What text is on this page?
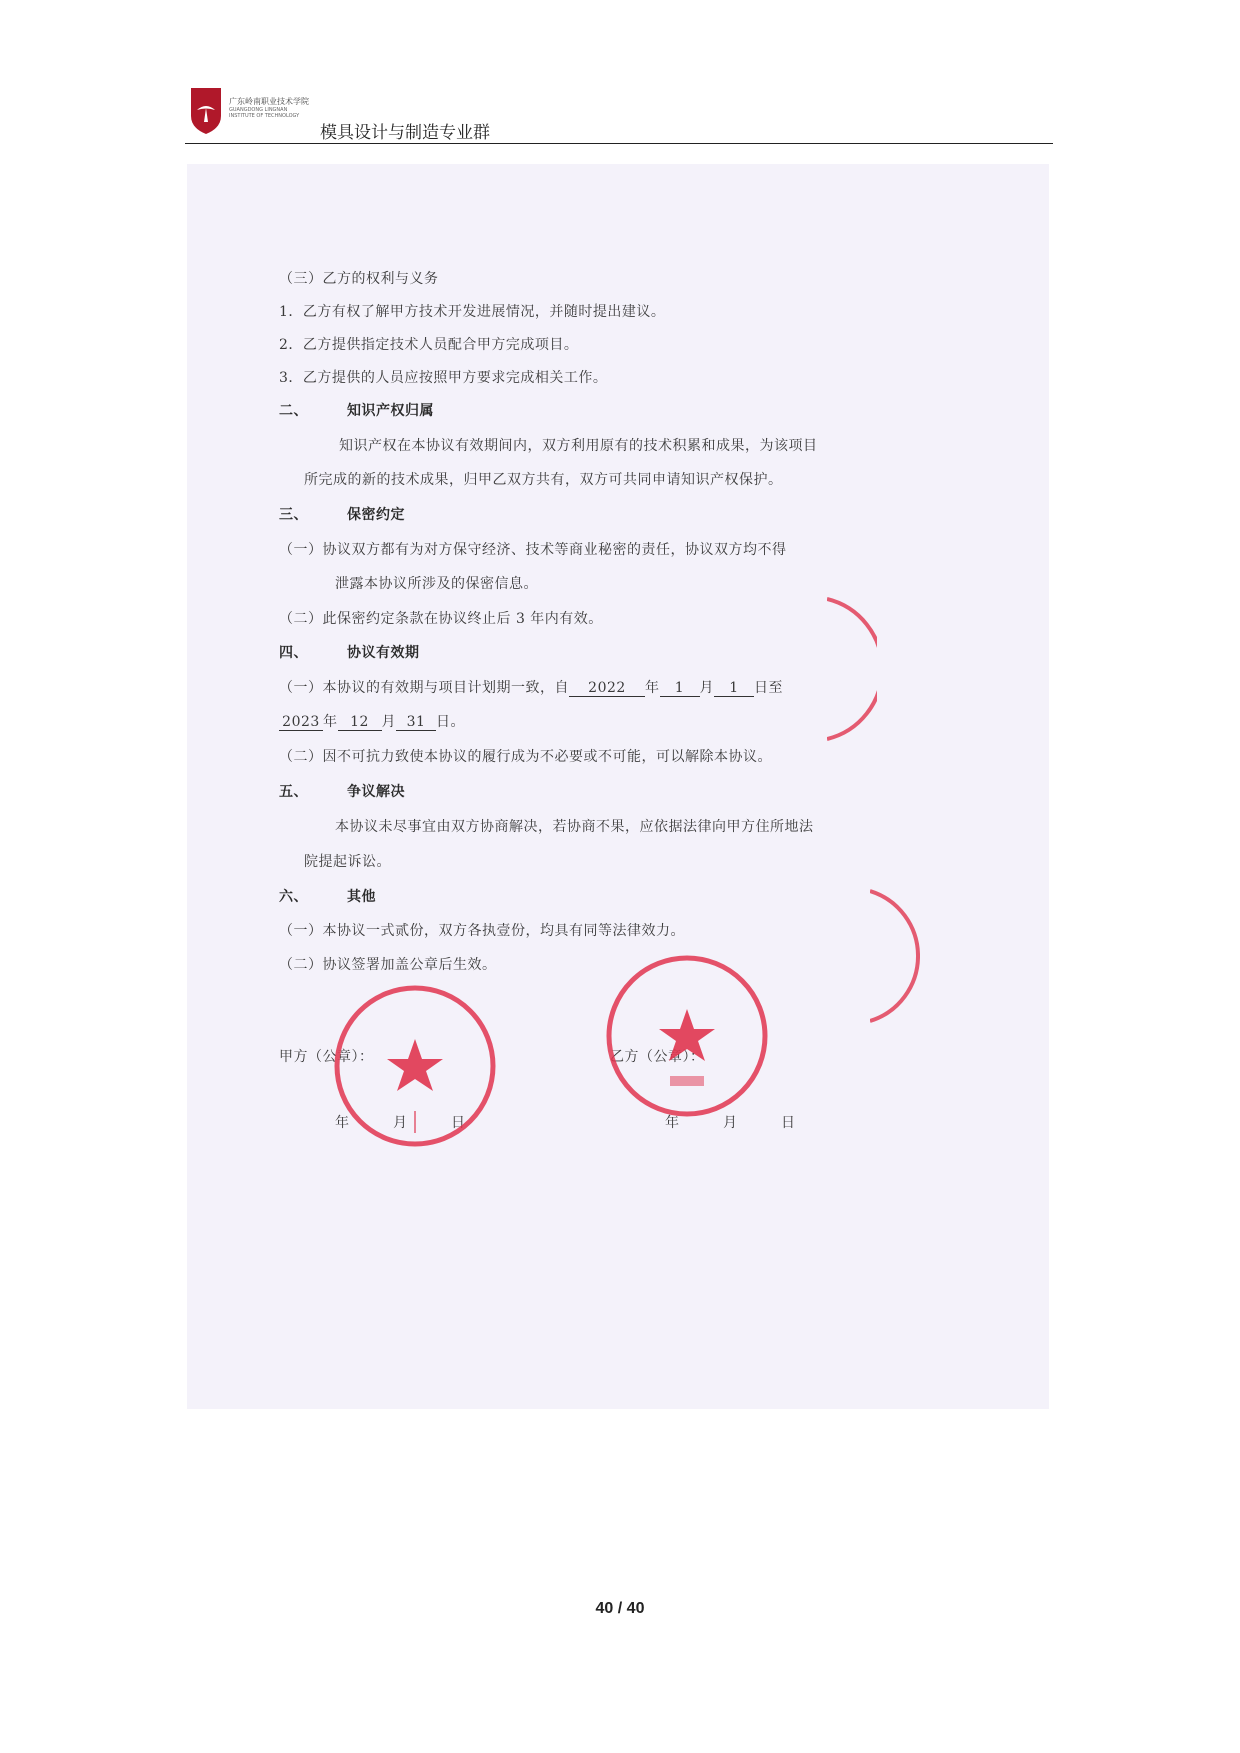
广东岭南职业技术学院
GUANGDONG LINGNAN
INSTITUTE OF TECHNOLOGY
模具设计与制造专业群
（三）乙方的权利与义务
1．乙方有权了解甲方技术开发进展情况，并随时提出建议。
2．乙方提供指定技术人员配合甲方完成项目。
3．乙方提供的人员应按照甲方要求完成相关工作。
二、	知识产权归属
知识产权在本协议有效期间内，双方利用原有的技术积累和成果，为该项目
所完成的新的技术成果，归甲乙双方共有，双方可共同申请知识产权保护。
三、	保密约定
（一）协议双方都有为对方保守经济、技术等商业秘密的责任，协议双方均不得
泄露本协议所涉及的保密信息。
（二）此保密约定条款在协议终止后 3 年内有效。
四、	协议有效期
（一）本协议的有效期与项目计划期一致，自 2022 年 1 月 1 日至
2023 年 12 月 31 日。
（二）因不可抗力致使本协议的履行成为不必要或不可能，可以解除本协议。
五、	争议解决
本协议未尽事宜由双方协商解决，若协商不果，应依据法律向甲方住所地法
院提起诉讼。
六、	其他
（一）本协议一式贰份，双方各执壹份，均具有同等法律效力。
（二）协议签署加盖公章后生效。
甲方（公章）：
年　　　月　　　日
乙方（公章）：
年　　　月　　　日
40 / 40
